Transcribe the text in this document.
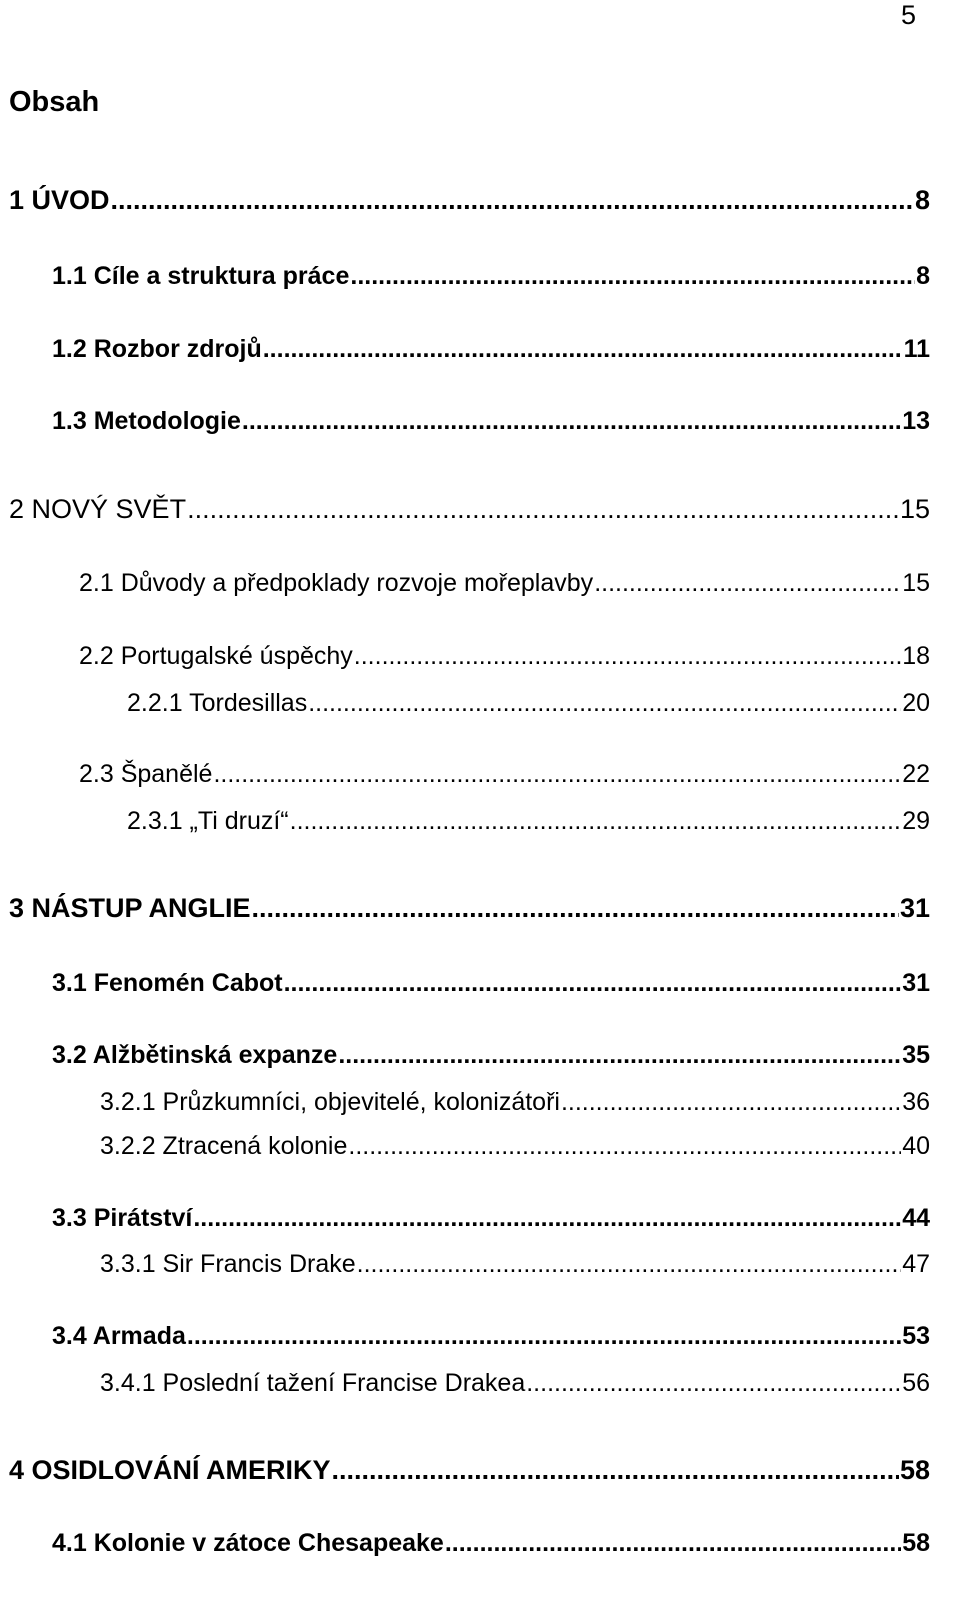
5
Obsah
1 ÚVOD .....	8
1.1 Cíle a struktura práce .....	8
1.2 Rozbor zdrojů .....	11
1.3 Metodologie .....	13
2 NOVÝ SVĚT .....	15
2.1 Důvody a předpoklady rozvoje mořeplavby .....	15
2.2 Portugalské úspěchy .....	18
2.2.1 Tordesillas .....	20
2.3 Španělé .....	22
2.3.1 „Ti druzí“ .....	29
3 NÁSTUP ANGLIE .....	31
3.1 Fenomén Cabot .....	31
3.2 Alžbětinská expanze .....	35
3.2.1 Průzkumníci, objevitelé, kolonizátoři .....	36
3.2.2 Ztracená kolonie .....	40
3.3 Pirátství .....	44
3.3.1 Sir Francis Drake .....	47
3.4 Armada .....	53
3.4.1 Poslední tažení Francise Drakea .....	56
4 OSIDLOVÁNÍ AMERIKY .....	58
4.1 Kolonie v zátoce Chesapeake .....	58
